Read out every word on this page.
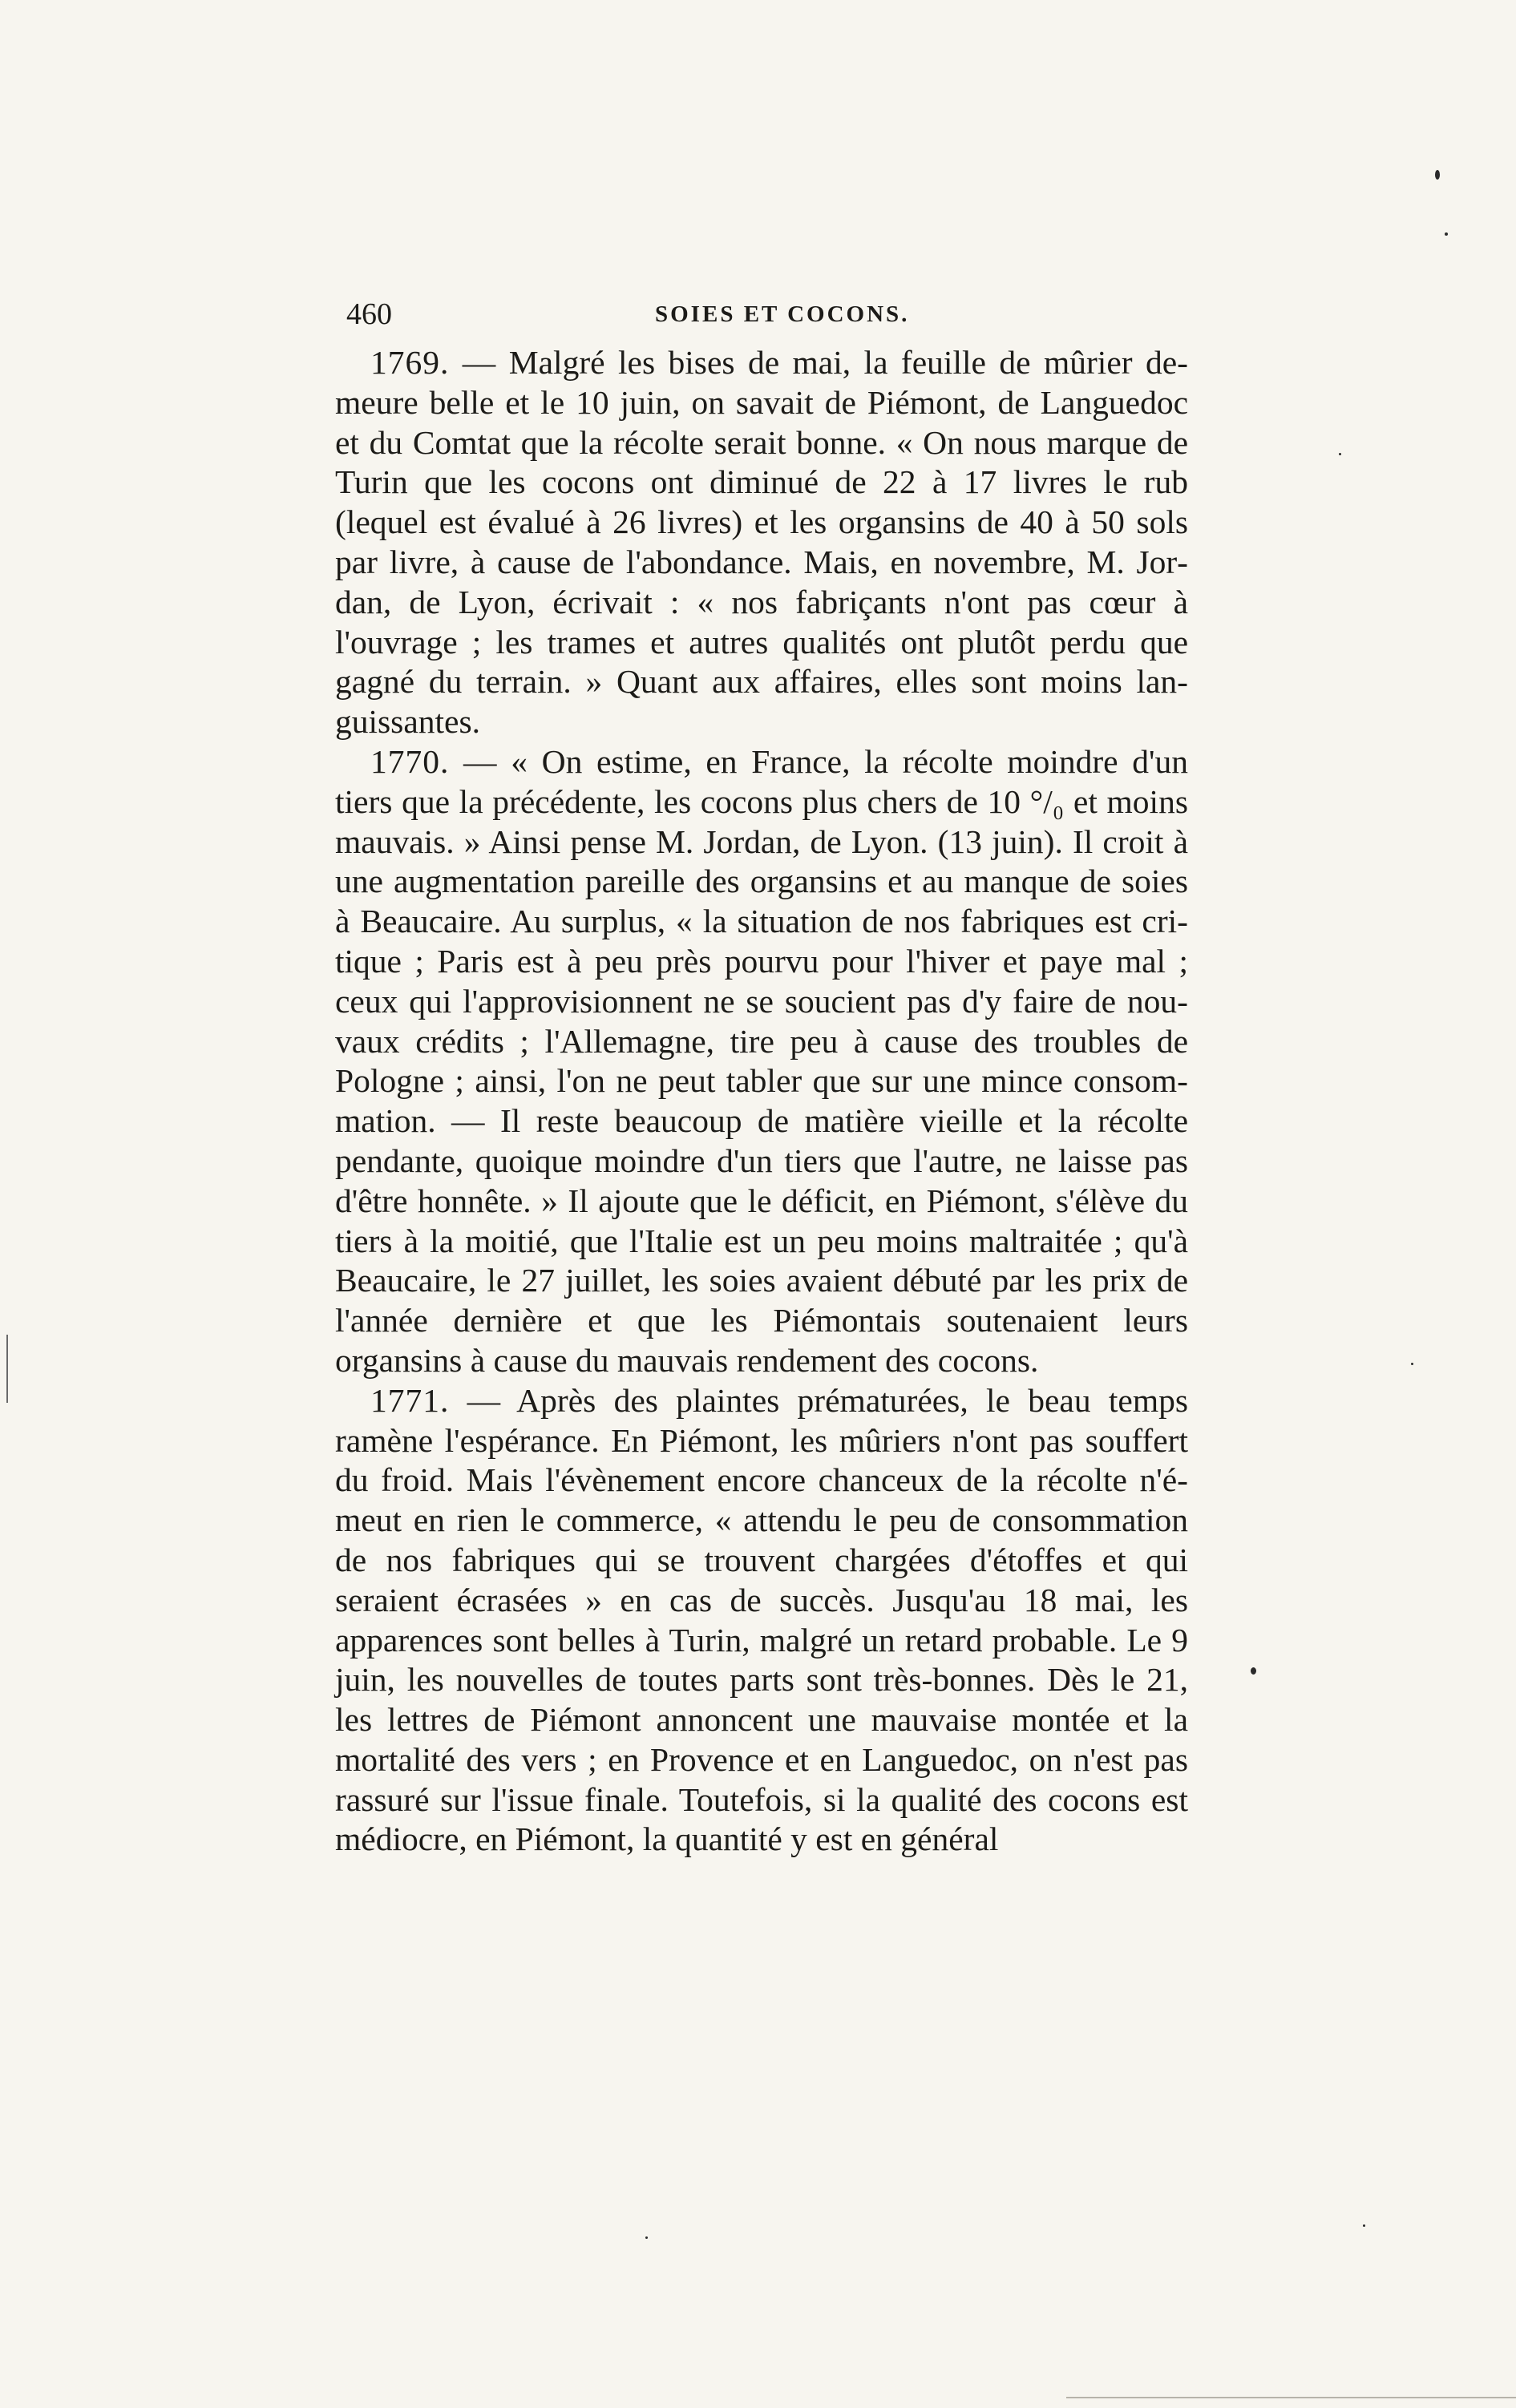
460	SOIES ET COCONS.

1769. — Malgré les bises de mai, la feuille de mûrier demeure belle et le 10 juin, on savait de Piémont, de Languedoc et du Comtat que la récolte serait bonne. « On nous marque de Turin que les cocons ont diminué de 22 à 17 livres le rub (lequel est évalué à 26 livres) et les organsins de 40 à 50 sols par livre, à cause de l'abondance. Mais, en novembre, M. Jordan, de Lyon, écrivait : « nos fabriçants n'ont pas cœur à l'ouvrage ; les trames et autres qualités ont plutôt perdu que gagné du terrain. » Quant aux affaires, elles sont moins languissantes.

1770. — « On estime, en France, la récolte moindre d'un tiers que la précédente, les cocons plus chers de 10 °/₀ et moins mauvais. » Ainsi pense M. Jordan, de Lyon. (13 juin). Il croit à une augmentation pareille des organsins et au manque de soies à Beaucaire. Au surplus, « la situation de nos fabriques est critique ; Paris est à peu près pourvu pour l'hiver et paye mal ; ceux qui l'approvisionnent ne se soucient pas d'y faire de nouvaux crédits ; l'Allemagne, tire peu à cause des troubles de Pologne ; ainsi, l'on ne peut tabler que sur une mince consommation. — Il reste beaucoup de matière vieille et la récolte pendante, quoique moindre d'un tiers que l'autre, ne laisse pas d'être honnête. » Il ajoute que le déficit, en Piémont, s'élève du tiers à la moitié, que l'Italie est un peu moins maltraitée ; qu'à Beaucaire, le 27 juillet, les soies avaient débuté par les prix de l'année dernière et que les Piémontais soutenaient leurs organsins à cause du mauvais rendement des cocons.

1771. — Après des plaintes prématurées, le beau temps ramène l'espérance. En Piémont, les mûriers n'ont pas souffert du froid. Mais l'évènement encore chanceux de la récolte n'émeut en rien le commerce, « attendu le peu de consommation de nos fabriques qui se trouvent chargées d'étoffes et qui seraient écrasées » en cas de succès. Jusqu'au 18 mai, les apparences sont belles à Turin, malgré un retard probable. Le 9 juin, les nouvelles de toutes parts sont très-bonnes. Dès le 21, les lettres de Piémont annoncent une mauvaise montée et la mortalité des vers ; en Provence et en Languedoc, on n'est pas rassuré sur l'issue finale. Toutefois, si la qualité des cocons est médiocre, en Piémont, la quantité y est en général
